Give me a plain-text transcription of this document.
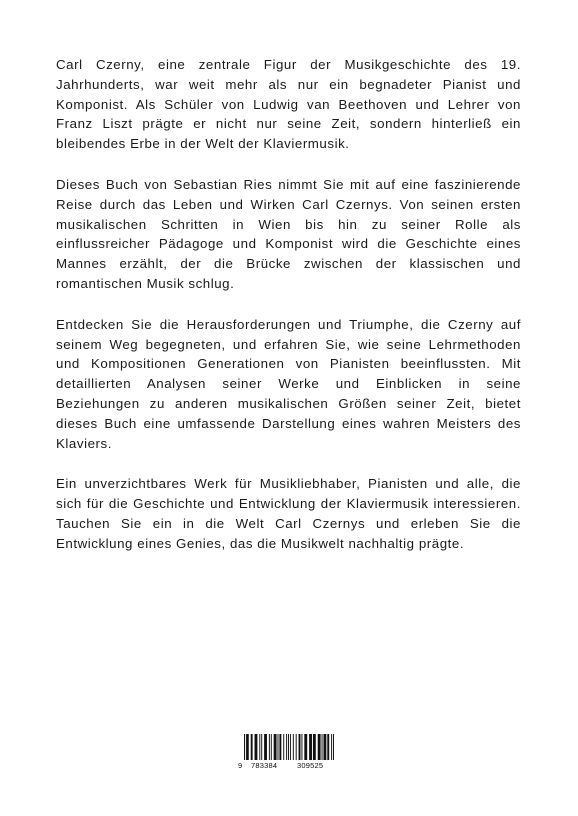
Carl Czerny, eine zentrale Figur der Musikgeschichte des 19. Jahrhunderts, war weit mehr als nur ein begnadeter Pianist und Komponist. Als Schüler von Ludwig van Beethoven und Lehrer von Franz Liszt prägte er nicht nur seine Zeit, sondern hinterließ ein bleibendes Erbe in der Welt der Klaviermusik.

Dieses Buch von Sebastian Ries nimmt Sie mit auf eine faszinierende Reise durch das Leben und Wirken Carl Czernys. Von seinen ersten musikalischen Schritten in Wien bis hin zu seiner Rolle als einflussreicher Pädagoge und Komponist wird die Geschichte eines Mannes erzählt, der die Brücke zwischen der klassischen und romantischen Musik schlug.

Entdecken Sie die Herausforderungen und Triumphe, die Czerny auf seinem Weg begegneten, und erfahren Sie, wie seine Lehrmethoden und Kompositionen Generationen von Pianisten beeinflussten. Mit detaillierten Analysen seiner Werke und Einblicken in seine Beziehungen zu anderen musikalischen Größen seiner Zeit, bietet dieses Buch eine umfassende Darstellung eines wahren Meisters des Klaviers.

Ein unverzichtbares Werk für Musikliebhaber, Pianisten und alle, die sich für die Geschichte und Entwicklung der Klaviermusik interessieren. Tauchen Sie ein in die Welt Carl Czernys und erleben Sie die Entwicklung eines Genies, das die Musikwelt nachhaltig prägte.

9 783384	309525
